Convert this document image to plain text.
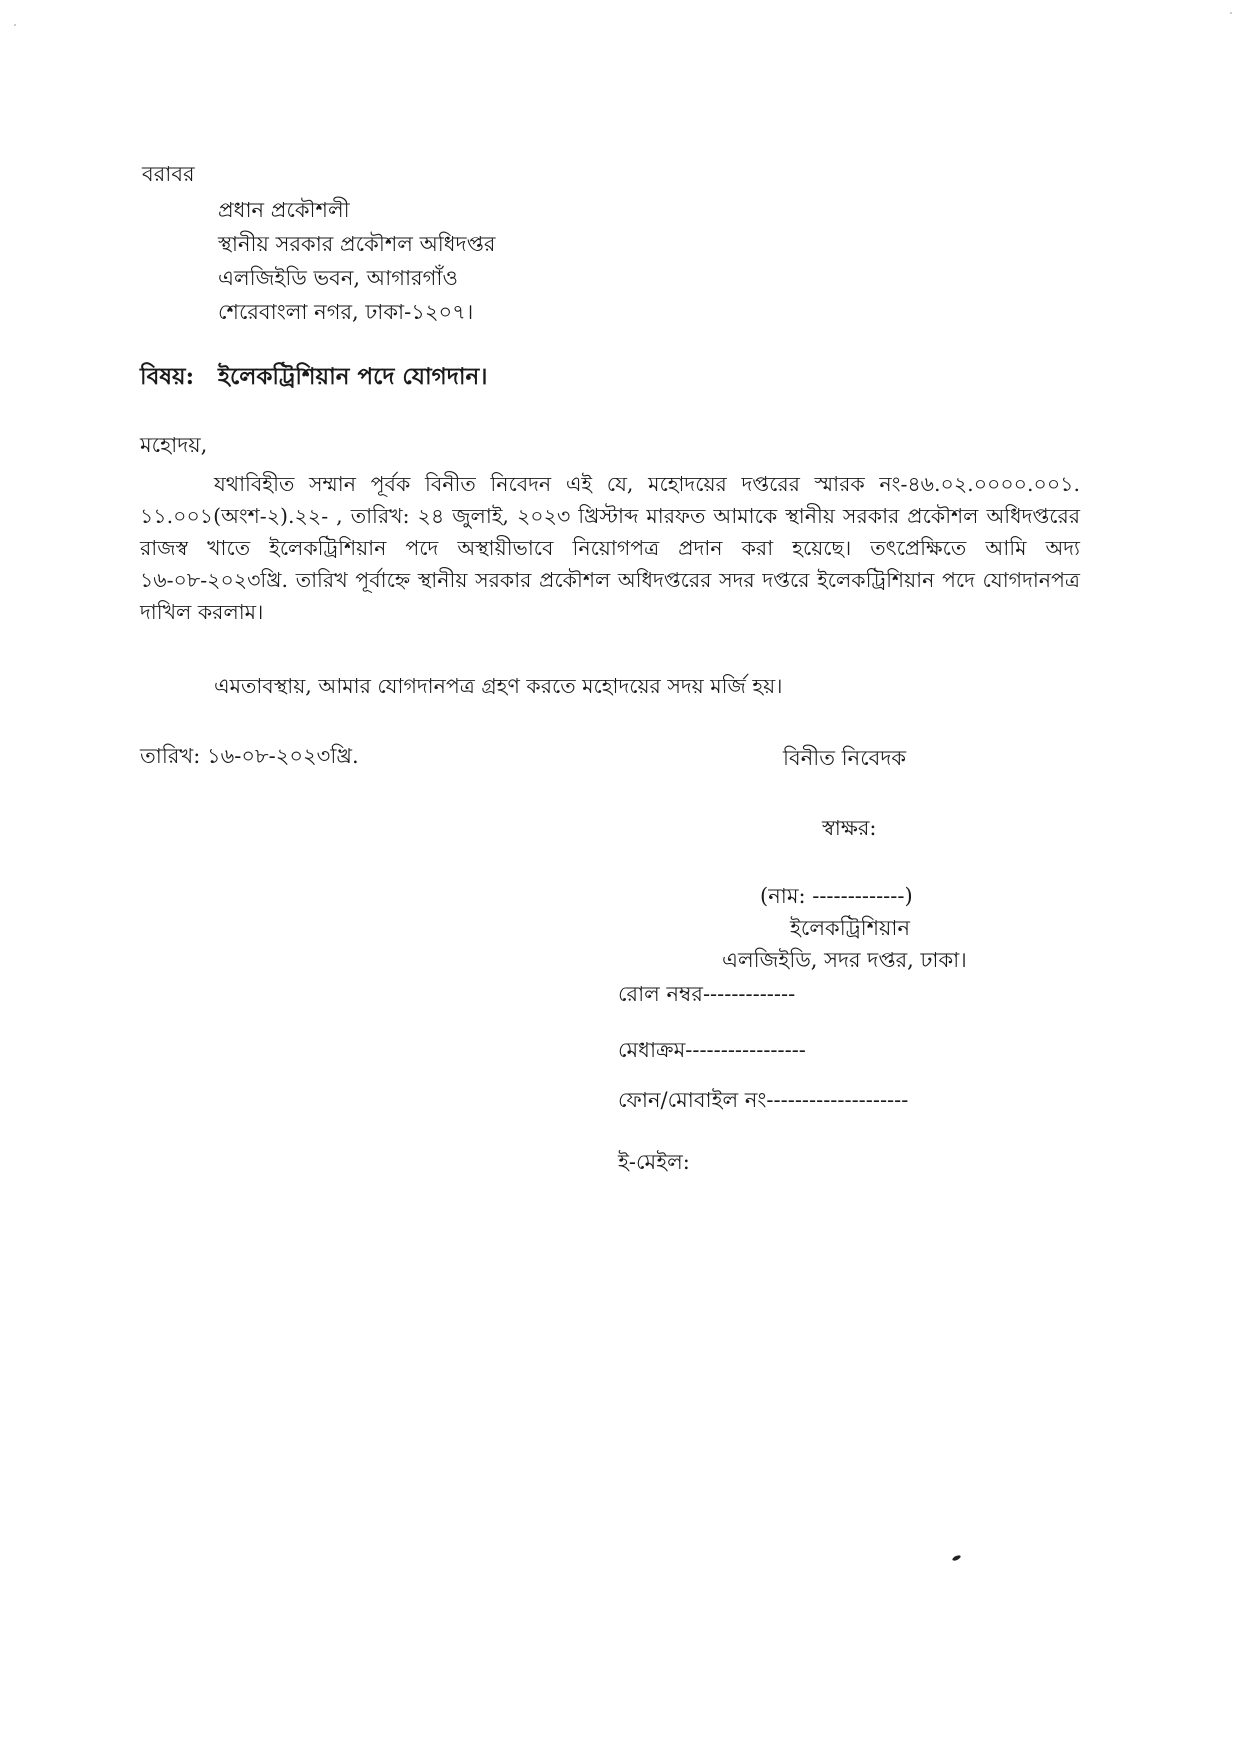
বরাবর

প্রধান প্রকৌশলী

স্থানীয় সরকার প্রকৌশল অধিদপ্তর

এলজিইডি ভবন, আগারগাঁও

শেরেবাংলা নগর, ঢাকা-১২০৭।

বিষয়: ইলেকট্রিশিয়ান পদে যোগদান।

মহোদয়,

যথাবিহীত সম্মান পূর্বক বিনীত নিবেদন এই যে, মহোদয়ের দপ্তরের স্মারক নং-৪৬.০২.০০০০.০০১. ১১.০০১(অংশ-২).২২- , তারিখ: ২৪ জুলাই, ২০২৩ খ্রিস্টাব্দ মারফত আমাকে স্থানীয় সরকার প্রকৌশল অধিদপ্তরের রাজস্ব খাতে ইলেকট্রিশিয়ান পদে অস্থায়ীভাবে নিয়োগপত্র প্রদান করা হয়েছে। তৎপ্রেক্ষিতে আমি অদ্য ১৬-০৮-২০২৩খ্রি. তারিখ পূর্বাহ্নে স্থানীয় সরকার প্রকৌশল অধিদপ্তরের সদর দপ্তরে ইলেকট্রিশিয়ান পদে যোগদানপত্র দাখিল করলাম।

এমতাবস্থায়, আমার যোগদানপত্র গ্রহণ করতে মহোদয়ের সদয় মর্জি হয়।

তারিখ: ১৬-০৮-২০২৩খ্রি.	বিনীত নিবেদক

স্বাক্ষর:

(নাম: -------------)

ইলেকট্রিশিয়ান

এলজিইডি, সদর দপ্তর, ঢাকা।

রোল নম্বর-------------

মেধাক্রম-----------------

ফোন/মোবাইল নং--------------------

ই-মেইল:
